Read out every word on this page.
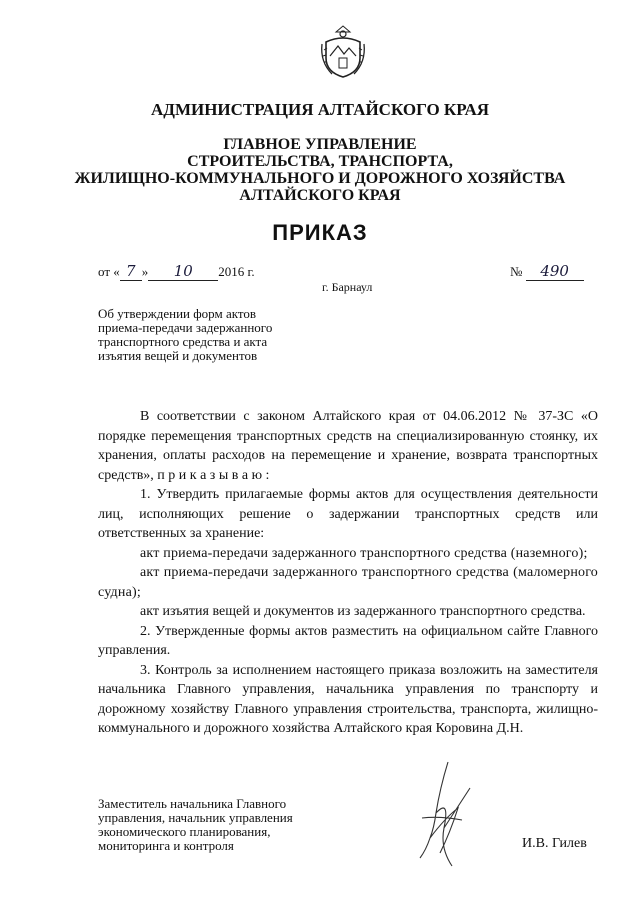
АДМИНИСТРАЦИЯ АЛТАЙСКОГО КРАЯ
ГЛАВНОЕ УПРАВЛЕНИЕ
СТРОИТЕЛЬСТВА, ТРАНСПОРТА,
ЖИЛИЩНО-КОММУНАЛЬНОГО И ДОРОЖНОГО ХОЗЯЙСТВА
АЛТАЙСКОГО КРАЯ
ПРИКАЗ
от « 7 » 10 2016 г.	№ 490
г. Барнаул
Об утверждении форм актов
приема-передачи задержанного
транспортного средства и акта
изъятия вещей и документов

В соответствии с законом Алтайского края от 04.06.2012 № 37-ЗС «О порядке перемещения транспортных средств на специализированную стоянку, их хранения, оплаты расходов на перемещение и хранение, возврата транспортных средств», п р и к а з ы в а ю :

1. Утвердить прилагаемые формы актов для осуществления деятельности лиц, исполняющих решение о задержании транспортных средств или ответственных за хранение:

акт приема-передачи задержанного транспортного средства (наземного);

акт приема-передачи задержанного транспортного средства (маломерного судна);

акт изъятия вещей и документов из задержанного транспортного средства.

2. Утвержденные формы актов разместить на официальном сайте Главного управления.

3. Контроль за исполнением настоящего приказа возложить на заместителя начальника Главного управления, начальника управления по транспорту и дорожному хозяйству Главного управления строительства, транспорта, жилищно-коммунального и дорожного хозяйства Алтайского края Коровина Д.Н.

Заместитель начальника Главного
управления, начальник управления
экономического планирования,
мониторинга и контроля	И.В. Гилев
